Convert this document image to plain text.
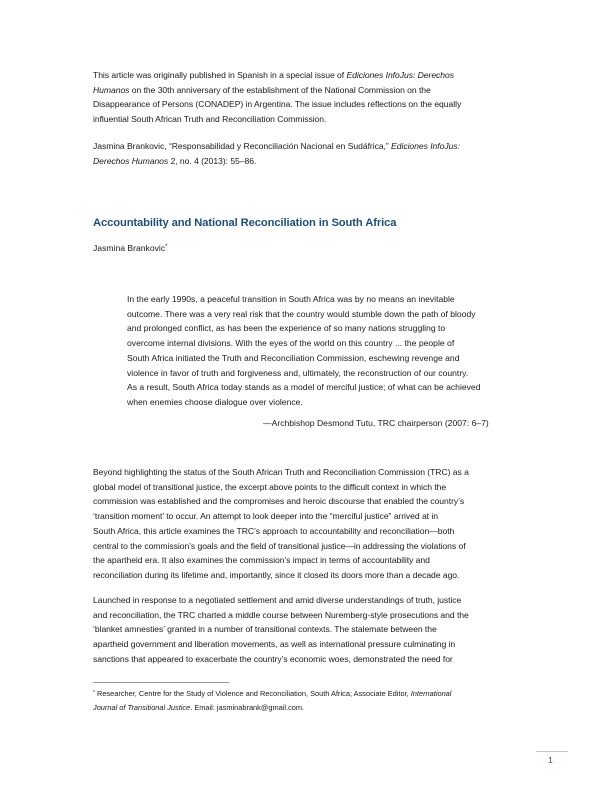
This article was originally published in Spanish in a special issue of Ediciones InfoJus: Derechos
Humanos on the 30th anniversary of the establishment of the National Commission on the
Disappearance of Persons (CONADEP) in Argentina. The issue includes reflections on the equally
influential South African Truth and Reconciliation Commission.
Jasmina Brankovic, “Responsabilidad y Reconciliación Nacional en Sudáfrica,” Ediciones InfoJus:
Derechos Humanos 2, no. 4 (2013): 55–86.
Accountability and National Reconciliation in South Africa
Jasmina Brankovic*
In the early 1990s, a peaceful transition in South Africa was by no means an inevitable
outcome. There was a very real risk that the country would stumble down the path of bloody
and prolonged conflict, as has been the experience of so many nations struggling to
overcome internal divisions. With the eyes of the world on this country ... the people of
South Africa initiated the Truth and Reconciliation Commission, eschewing revenge and
violence in favor of truth and forgiveness and, ultimately, the reconstruction of our country.
As a result, South Africa today stands as a model of merciful justice; of what can be achieved
when enemies choose dialogue over violence.
—Archbishop Desmond Tutu, TRC chairperson (2007: 6–7)
Beyond highlighting the status of the South African Truth and Reconciliation Commission (TRC) as a
global model of transitional justice, the excerpt above points to the difficult context in which the
commission was established and the compromises and heroic discourse that enabled the country’s
‘transition moment’ to occur. An attempt to look deeper into the “merciful justice” arrived at in
South Africa, this article examines the TRC’s approach to accountability and reconciliation—both
central to the commission’s goals and the field of transitional justice—in addressing the violations of
the apartheid era. It also examines the commission’s impact in terms of accountability and
reconciliation during its lifetime and, importantly, since it closed its doors more than a decade ago.
Launched in response to a negotiated settlement and amid diverse understandings of truth, justice
and reconciliation, the TRC charted a middle course between Nuremberg-style prosecutions and the
‘blanket amnesties’ granted in a number of transitional contexts. The stalemate between the
apartheid government and liberation movements, as well as international pressure culminating in
sanctions that appeared to exacerbate the country’s economic woes, demonstrated the need for
* Researcher, Centre for the Study of Violence and Reconciliation, South Africa; Associate Editor, International
Journal of Transitional Justice. Email: jasminabrank@gmail.com.
1
